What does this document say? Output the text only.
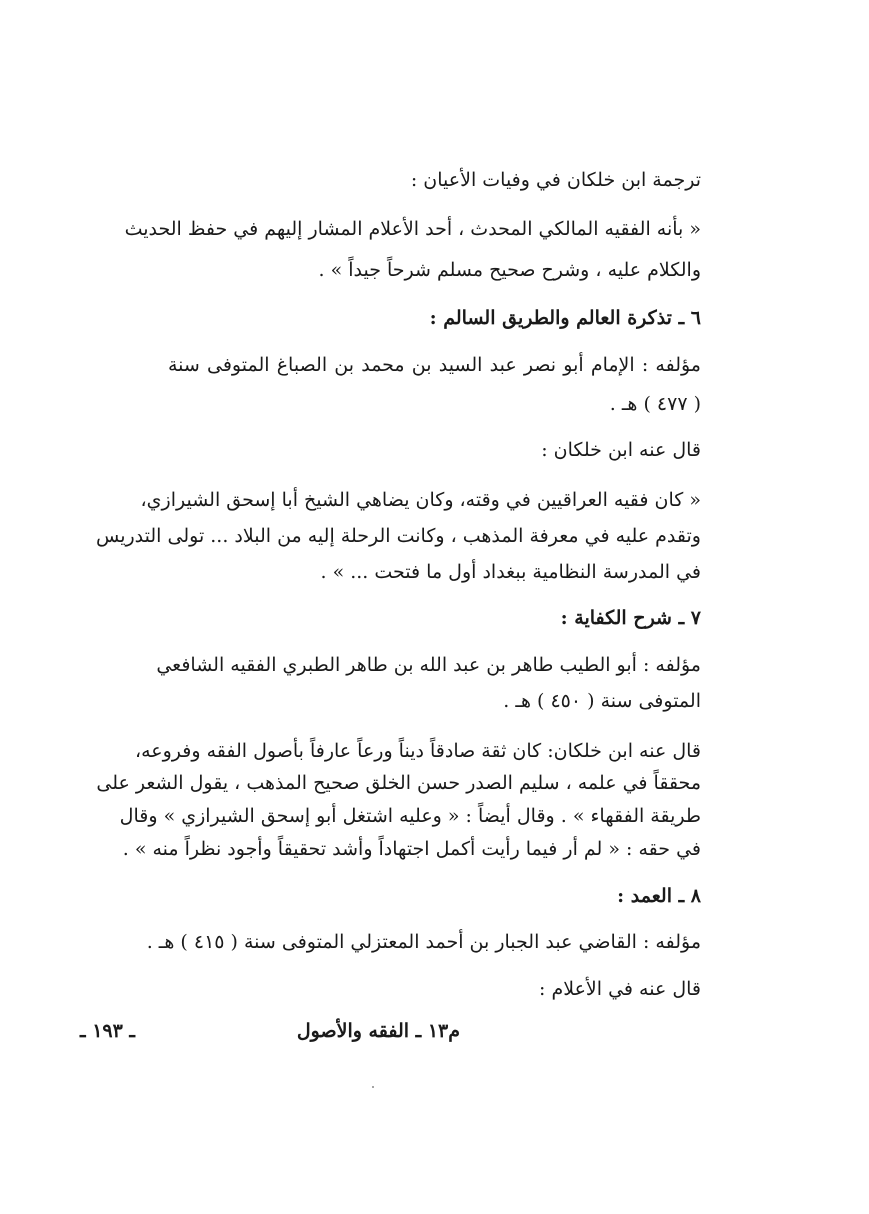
ترجمة ابن خلكان في وفيات الأعيان :
« بأنه الفقيه المالكي المحدث ، أحد الأعلام المشار إليهم في حفظ الحديث
والكلام عليه ، وشرح صحيح مسلم شرحاً جيداً » .
٦ ـ تذكرة العالم والطريق السالم :
مؤلفه : الإمام أبو نصر عبد السيد بن محمد بن الصباغ المتوفى سنة
( ٤٧٧ ) هـ .
قال عنه ابن خلكان :
« كان فقيه العراقيين في وقته، وكان يضاهي الشيخ أبا إسحق الشيرازي،
وتقدم عليه في معرفة المذهب ، وكانت الرحلة إليه من البلاد ... تولى التدريس
في المدرسة النظامية ببغداد أول ما فتحت ... » .
٧ ـ شرح الكفاية :
مؤلفه : أبو الطيب طاهر بن عبد الله بن طاهر الطبري الفقيه الشافعي
المتوفى سنة ( ٤٥٠ ) هـ .
قال عنه ابن خلكان: كان ثقة صادقاً ديناً ورعاً عارفاً بأصول الفقه وفروعه،
محققاً في علمه ، سليم الصدر حسن الخلق صحيح المذهب ، يقول الشعر على
طريقة الفقهاء » . وقال أيضاً : « وعليه اشتغل أبو إسحق الشيرازي » وقال
في حقه : « لم أر فيما رأيت أكمل اجتهاداً وأشد تحقيقاً وأجود نظراً منه » .
٨ ـ العمد :
مؤلفه : القاضي عبد الجبار بن أحمد المعتزلي المتوفى سنة ( ٤١٥ ) هـ .
قال عنه في الأعلام :
م١٣ ـ الفقه والأصول
ـ ١٩٣ ـ
